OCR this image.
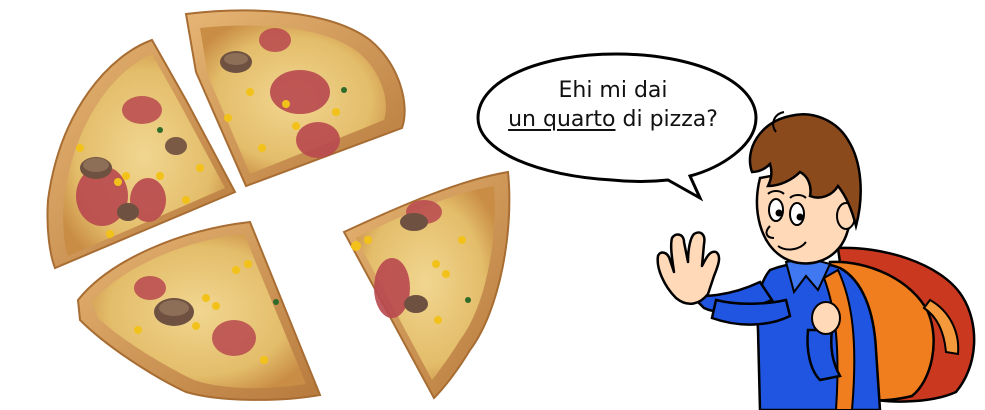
Ehi mi dai
un quarto di pizza?
